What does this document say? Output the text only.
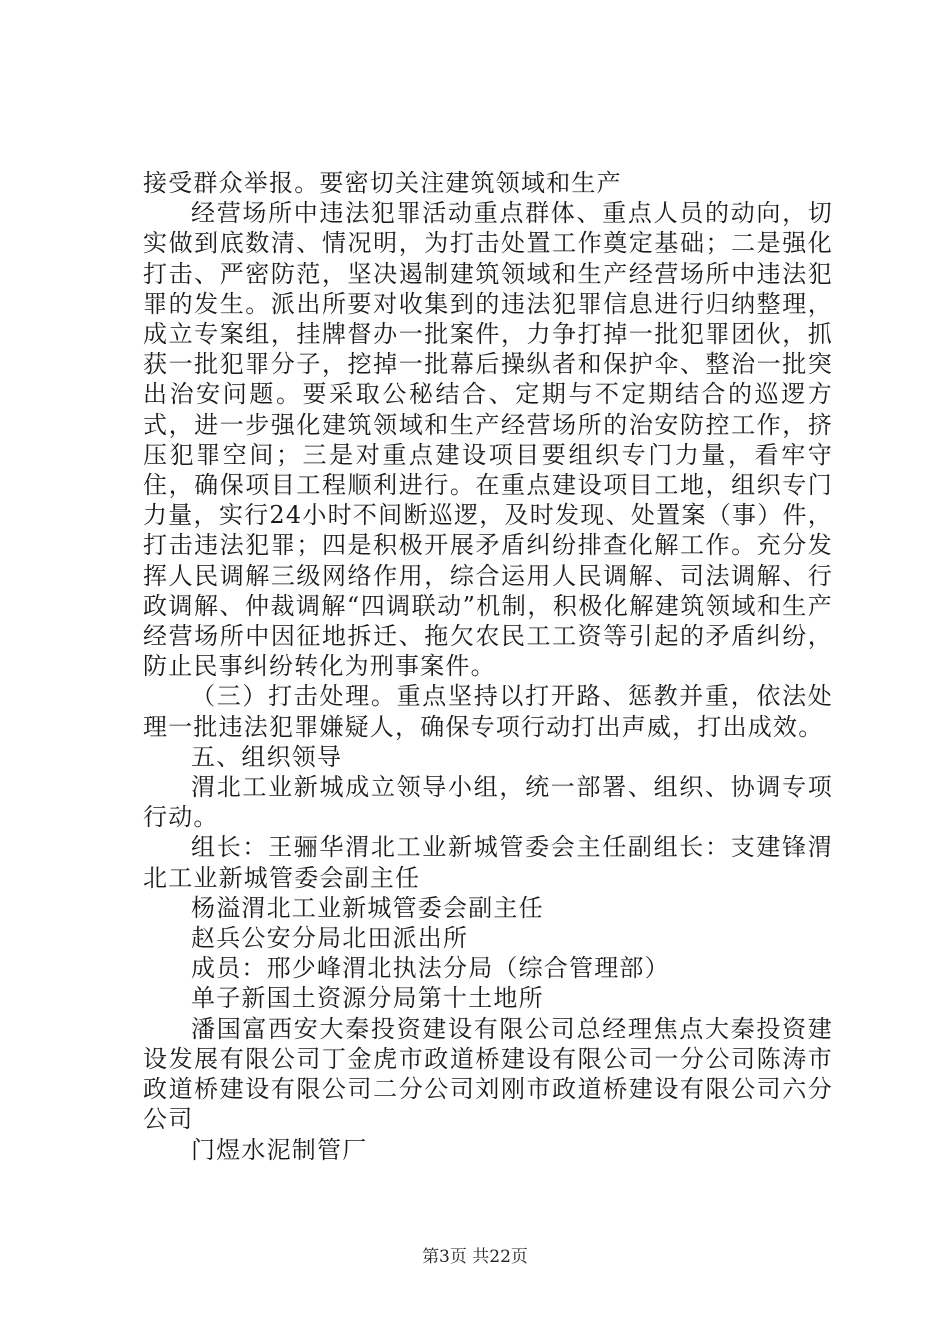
接受群众举报。要密切关注建筑领域和生产

经营场所中违法犯罪活动重点群体、重点人员的动向，切实做到底数清、情况明，为打击处置工作奠定基础；二是强化打击、严密防范，坚决遏制建筑领域和生产经营场所中违法犯罪的发生。派出所要对收集到的违法犯罪信息进行归纳整理，成立专案组，挂牌督办一批案件，力争打掉一批犯罪团伙，抓获一批犯罪分子，挖掉一批幕后操纵者和保护伞、整治一批突出治安问题。要采取公秘结合、定期与不定期结合的巡逻方式，进一步强化建筑领域和生产经营场所的治安防控工作，挤压犯罪空间；三是对重点建设项目要组织专门力量，看牢守住，确保项目工程顺利进行。在重点建设项目工地，组织专门力量，实行24小时不间断巡逻，及时发现、处置案（事）件，打击违法犯罪；四是积极开展矛盾纠纷排查化解工作。充分发挥人民调解三级网络作用，综合运用人民调解、司法调解、行政调解、仲裁调解“四调联动”机制，积极化解建筑领域和生产经营场所中因征地拆迁、拖欠农民工工资等引起的矛盾纠纷，防止民事纠纷转化为刑事案件。

（三）打击处理。重点坚持以打开路、惩教并重，依法处理一批违法犯罪嫌疑人，确保专项行动打出声威，打出成效。

五、组织领导

渭北工业新城成立领导小组，统一部署、组织、协调专项行动。

组长：王骊华渭北工业新城管委会主任副组长：支建锋渭北工业新城管委会副主任

杨溢渭北工业新城管委会副主任

赵兵公安分局北田派出所

成员：邢少峰渭北执法分局（综合管理部）

单子新国土资源分局第十土地所

潘国富西安大秦投资建设有限公司总经理焦点大秦投资建设发展有限公司丁金虎市政道桥建设有限公司一分公司陈涛市政道桥建设有限公司二分公司刘刚市政道桥建设有限公司六分公司

门煜水泥制管厂

第3页 共22页
